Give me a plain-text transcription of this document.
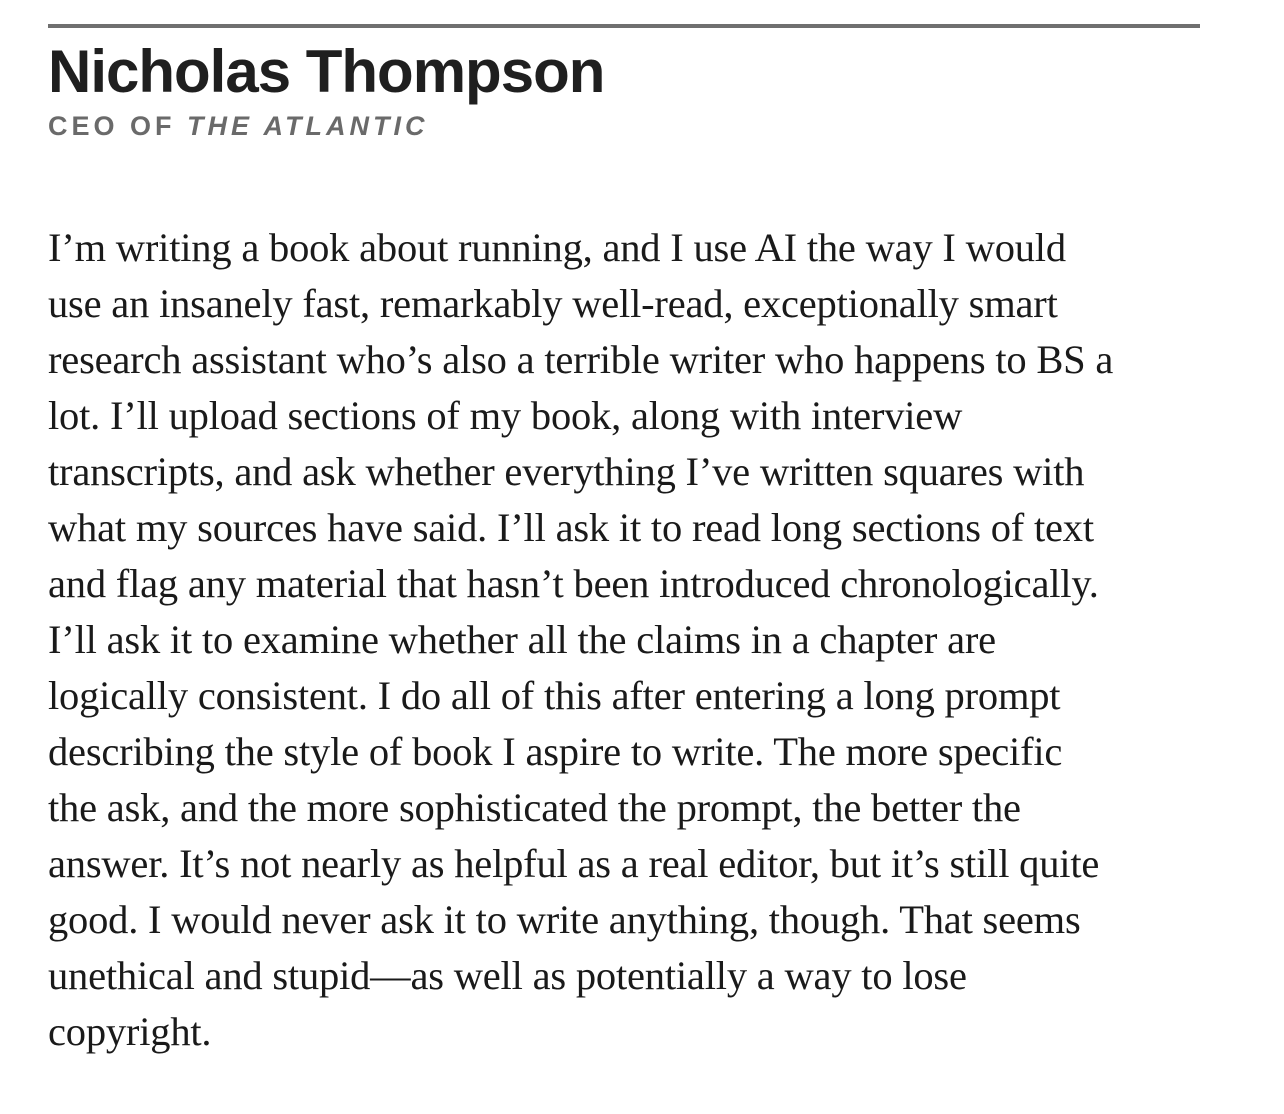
Nicholas Thompson
CEO OF THE ATLANTIC

I’m writing a book about running, and I use AI the way I would
use an insanely fast, remarkably well-read, exceptionally smart
research assistant who’s also a terrible writer who happens to BS a
lot. I’ll upload sections of my book, along with interview
transcripts, and ask whether everything I’ve written squares with
what my sources have said. I’ll ask it to read long sections of text
and flag any material that hasn’t been introduced chronologically.
I’ll ask it to examine whether all the claims in a chapter are
logically consistent. I do all of this after entering a long prompt
describing the style of book I aspire to write. The more specific
the ask, and the more sophisticated the prompt, the better the
answer. It’s not nearly as helpful as a real editor, but it’s still quite
good. I would never ask it to write anything, though. That seems
unethical and stupid—as well as potentially a way to lose
copyright.
